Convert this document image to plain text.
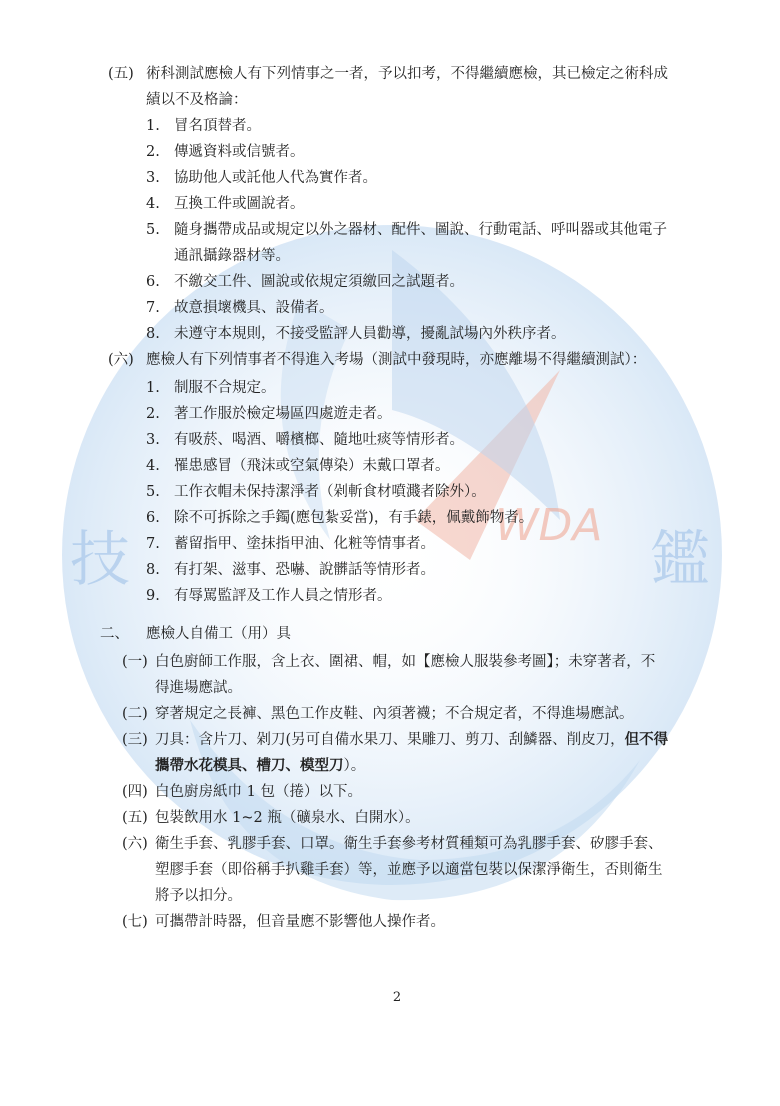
技	鑑
WDA
(五) 術科測試應檢人有下列情事之一者，予以扣考，不得繼續應檢，其已檢定之術科成
績以不及格論：
1. 冒名頂替者。
2. 傳遞資料或信號者。
3. 協助他人或託他人代為實作者。
4. 互換工件或圖說者。
5. 隨身攜帶成品或規定以外之器材、配件、圖說、行動電話、呼叫器或其他電子
通訊攝錄器材等。
6. 不繳交工件、圖說或依規定須繳回之試題者。
7. 故意損壞機具、設備者。
8. 未遵守本規則，不接受監評人員勸導，擾亂試場內外秩序者。
(六) 應檢人有下列情事者不得進入考場（測試中發現時，亦應離場不得繼續測試）：
1. 制服不合規定。
2. 著工作服於檢定場區四處遊走者。
3. 有吸菸、喝酒、嚼檳榔、隨地吐痰等情形者。
4. 罹患感冒（飛沫或空氣傳染）未戴口罩者。
5. 工作衣帽未保持潔淨者（剁斬食材噴濺者除外）。
6. 除不可拆除之手鐲(應包紮妥當)，有手錶，佩戴飾物者。
7. 蓄留指甲、塗抹指甲油、化粧等情事者。
8. 有打架、滋事、恐嚇、說髒話等情形者。
9. 有辱罵監評及工作人員之情形者。
二、 應檢人自備工（用）具
(一) 白色廚師工作服，含上衣、圍裙、帽，如【應檢人服裝參考圖】；未穿著者，不
得進場應試。
(二) 穿著規定之長褲、黑色工作皮鞋、內須著襪；不合規定者，不得進場應試。
(三) 刀具：含片刀、剁刀(另可自備水果刀、果雕刀、剪刀、刮鱗器、削皮刀，但不得
攜帶水花模具、槽刀、模型刀）。
(四) 白色廚房紙巾 1 包（捲）以下。
(五) 包裝飲用水 1~2 瓶（礦泉水、白開水）。
(六) 衛生手套、乳膠手套、口罩。衛生手套參考材質種類可為乳膠手套、矽膠手套、
塑膠手套（即俗稱手扒雞手套）等，並應予以適當包裝以保潔淨衛生，否則衛生
將予以扣分。
(七) 可攜帶計時器，但音量應不影響他人操作者。
2
